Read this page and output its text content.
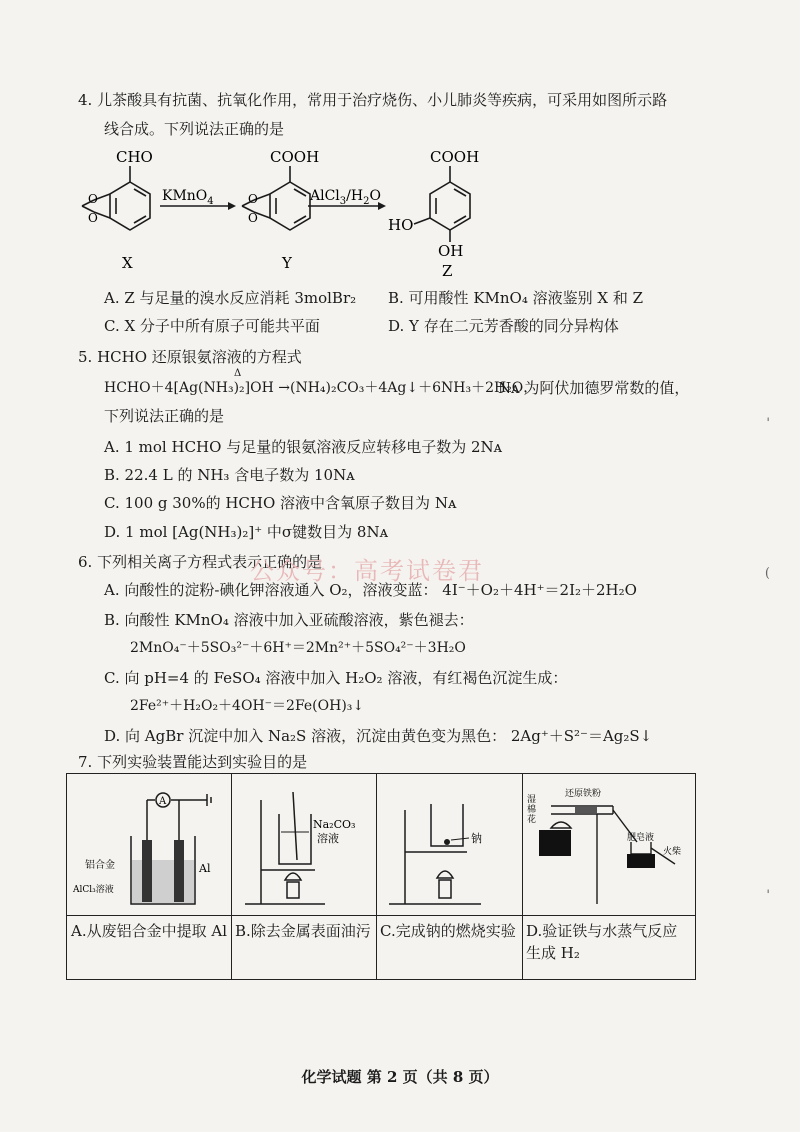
4. 儿茶酸具有抗菌、抗氧化作用，常用于治疗烧伤、小儿肺炎等疾病，可采用如图所示路
线合成。下列说法正确的是
CHO
O
O
X
KMnO$_4$
COOH
O
O
Y
$AlCl_3/H_2O$
COOH
HO
OH
Z
A. Z 与足量的溴水反应消耗 3molBr₂ B. 可用酸性 KMnO₄ 溶液鉴别 X 和 Z
C. X 分子中所有原子可能共平面	D. Y 存在二元芳香酸的同分异构体
5. HCHO 还原银氨溶液的方程式
Δ
HCHO＋4[Ag(NH₃)₂]OH →(NH₄)₂CO₃＋4Ag↓＋6NH₃＋2H₂O，
Nᴀ 为阿伏加德罗常数的值，
下列说法正确的是
A. 1 mol HCHO 与足量的银氨溶液反应转移电子数为 2Nᴀ
B. 22.4 L 的 NH₃ 含电子数为 10Nᴀ
C. 100 g 30%的 HCHO 溶液中含氧原子数目为 Nᴀ
D. 1 mol [Ag(NH₃)₂]⁺ 中σ键数目为 8Nᴀ
6. 下列相关离子方程式表示正确的是
公众号：高考试卷君
A. 向酸性的淀粉-碘化钾溶液通入 O₂，溶液变蓝： 4I⁻＋O₂＋4H⁺＝2I₂＋2H₂O
B. 向酸性 KMnO₄ 溶液中加入亚硫酸溶液，紫色褪去：
2MnO₄⁻＋5SO₃²⁻＋6H⁺＝2Mn²⁺＋5SO₄²⁻＋3H₂O
C. 向 pH=4 的 FeSO₄ 溶液中加入 H₂O₂ 溶液，有红褐色沉淀生成：
2Fe²⁺＋H₂O₂＋4OH⁻＝2Fe(OH)₃↓
D. 向 AgBr 沉淀中加入 Na₂S 溶液，沉淀由黄色变为黑色： 2Ag⁺＋S²⁻＝Ag₂S↓
7. 下列实验装置能达到实验目的是
A
铝合金	Al
AlCl₃溶液
Na₂CO₃
溶液	钠
湿
棉
花
还原铁粉
肥皂液
火柴
A.从废铝合金中提取 Al B.除去金属表面油污 C.完成钠的燃烧实验 D.验证铁与水蒸气反应生成 H₂
'
(
'
化学试题 第 2 页（共 8 页）
